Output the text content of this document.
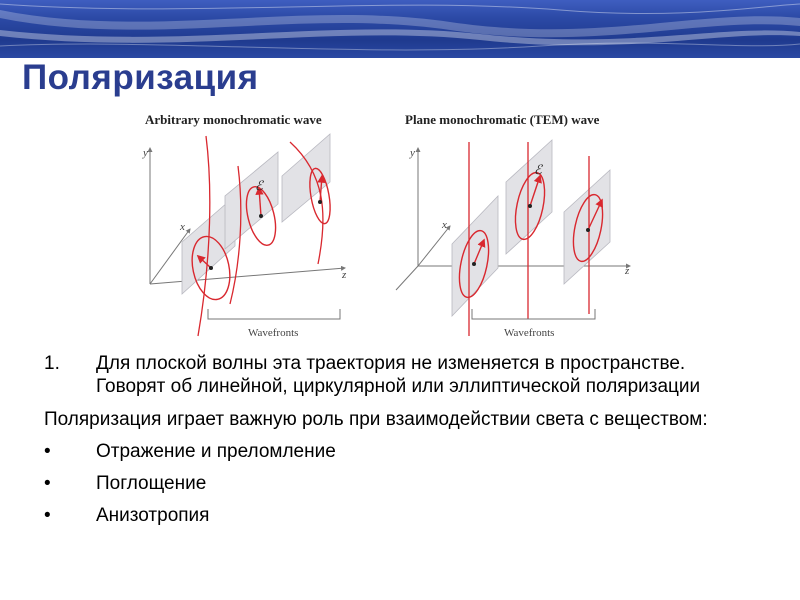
Поляризация
Arbitrary monochromatic wave
y
x
z
ℰ
Wavefronts
Plane monochromatic (TEM) wave
y
x
z
ℰ
Wavefronts
1. Для плоской волны эта траектория не изменяется в пространстве. Говорят об линейной, циркулярной или эллиптической поляризации
Поляризация играет важную роль при взаимодействии света с веществом:
• Отражение и преломление
• Поглощение
• Анизотропия
